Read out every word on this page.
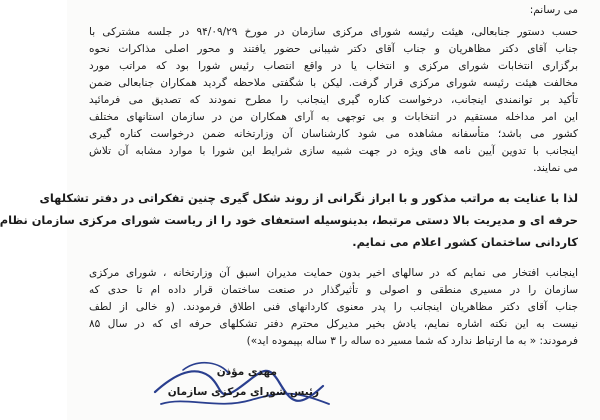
می رسانم:
حسب دستور جنابعالی، هیئت رئیسه شورای مرکزی سازمان در مورخ ۹۴/۰۹/۲۹ در جلسه مشترکی با
جناب آقای دکتر مظاهریان و جناب آقای دکتر شیبانی حضور یافتند و محور اصلی مذاکرات نحوه
برگزاری انتخابات شورای مرکزی و انتخاب یا در واقع انتصاب رئیس شورا بود که مراتب مورد
مخالفت هیئت رئیسه شورای مرکزی قرار گرفت. لیکن با شگفتی ملاحظه گردید همکاران جنابعالی ضمن
تأکید بر توانمندی اینجانب، درخواست کناره گیری اینجانب را مطرح نمودند که تصدیق می فرمائید
این امر مداخله مستقیم در انتخابات و بی توجهی به آرای همکاران من در سازمان استانهای مختلف
کشور می باشد؛ متأسفانه مشاهده می شود کارشناسان آن وزارتخانه ضمن درخواست کناره گیری
اینجانب با تدوین آیین نامه های ویژه در جهت شبیه سازی شرایط این شورا با موارد مشابه آن تلاش
می نمایند.
لذا با عنایت به مراتب مذکور و با ابراز نگرانی از روند شکل گیری چنین تفکراتی در دفتر تشکلهای
حرفه ای و مدیریت بالا دستی مرتبط، بدینوسیله استعفای خود را از ریاست شورای مرکزی سازمان نظام
کاردانی ساختمان کشور اعلام می نمایم.
اینجانب افتخار می نمایم که در سالهای اخیر بدون حمایت مدیران اسبق آن وزارتخانه ، شورای مرکزی
سازمان را در مسیری منطقی و اصولی و تأثیرگذار در صنعت ساختمان قرار داده ام تا حدی که
جناب آقای دکتر مظاهریان اینجانب را پدر معنوی کاردانهای فنی اطلاق فرمودند. (و خالی از لطف
نیست به این نکته اشاره نمایم، یادش بخیر مدیرکل محترم دفتر تشکلهای حرفه ای که در سال ۸۵
فرمودند: « به ما ارتباط ندارد که شما مسیر ده ساله را ۳ ساله بپیموده اید»)
مهدی مؤذن
رئیس شورای مرکزی سازمان
